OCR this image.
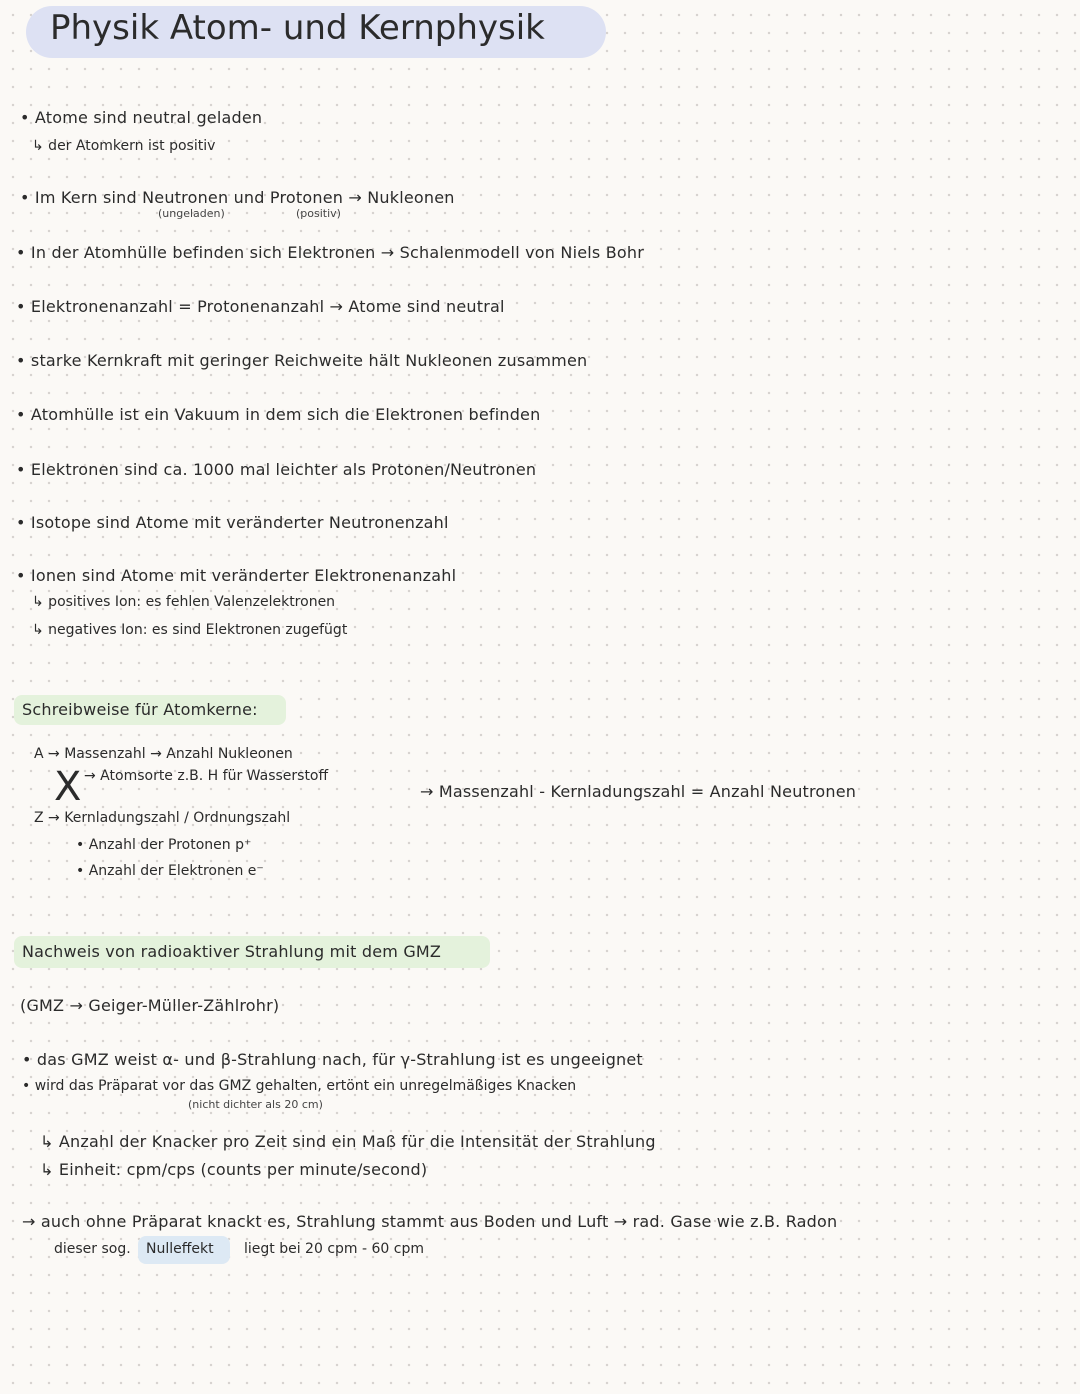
Physik Atom- und Kernphysik
• Atome sind neutral geladen
↳ der Atomkern ist positiv
• Im Kern sind Neutronen und Protonen → Nukleonen
(ungeladen)	(positiv)
• In der Atomhülle befinden sich Elektronen → Schalenmodell von Niels Bohr
• Elektronenanzahl = Protonenanzahl → Atome sind neutral
• starke Kernkraft mit geringer Reichweite hält Nukleonen zusammen
• Atomhülle ist ein Vakuum in dem sich die Elektronen befinden
• Elektronen sind ca. 1000 mal leichter als Protonen/Neutronen
• Isotope sind Atome mit veränderter Neutronenzahl
• Ionen sind Atome mit veränderter Elektronenanzahl
↳ positives Ion: es fehlen Valenzelektronen
↳ negatives Ion: es sind Elektronen zugefügt
Schreibweise für Atomkerne:
A → Massenzahl → Anzahl Nukleonen
X → Atomsorte z.B. H für Wasserstoff
Z → Kernladungszahl / Ordnungszahl
• Anzahl der Protonen p⁺
• Anzahl der Elektronen e⁻
→ Massenzahl - Kernladungszahl = Anzahl Neutronen
Nachweis von radioaktiver Strahlung mit dem GMZ
(GMZ → Geiger-Müller-Zählrohr)
• das GMZ weist α- und β-Strahlung nach, für γ-Strahlung ist es ungeeignet
• wird das Präparat vor das GMZ gehalten, ertönt ein unregelmäßiges Knacken
(nicht dichter als 20 cm)
↳ Anzahl der Knacker pro Zeit sind ein Maß für die Intensität der Strahlung
↳ Einheit: cpm/cps (counts per minute/second)
→ auch ohne Präparat knackt es, Strahlung stammt aus Boden und Luft → rad. Gase wie z.B. Radon
dieser sog. Nulleffekt liegt bei 20 cpm - 60 cpm
